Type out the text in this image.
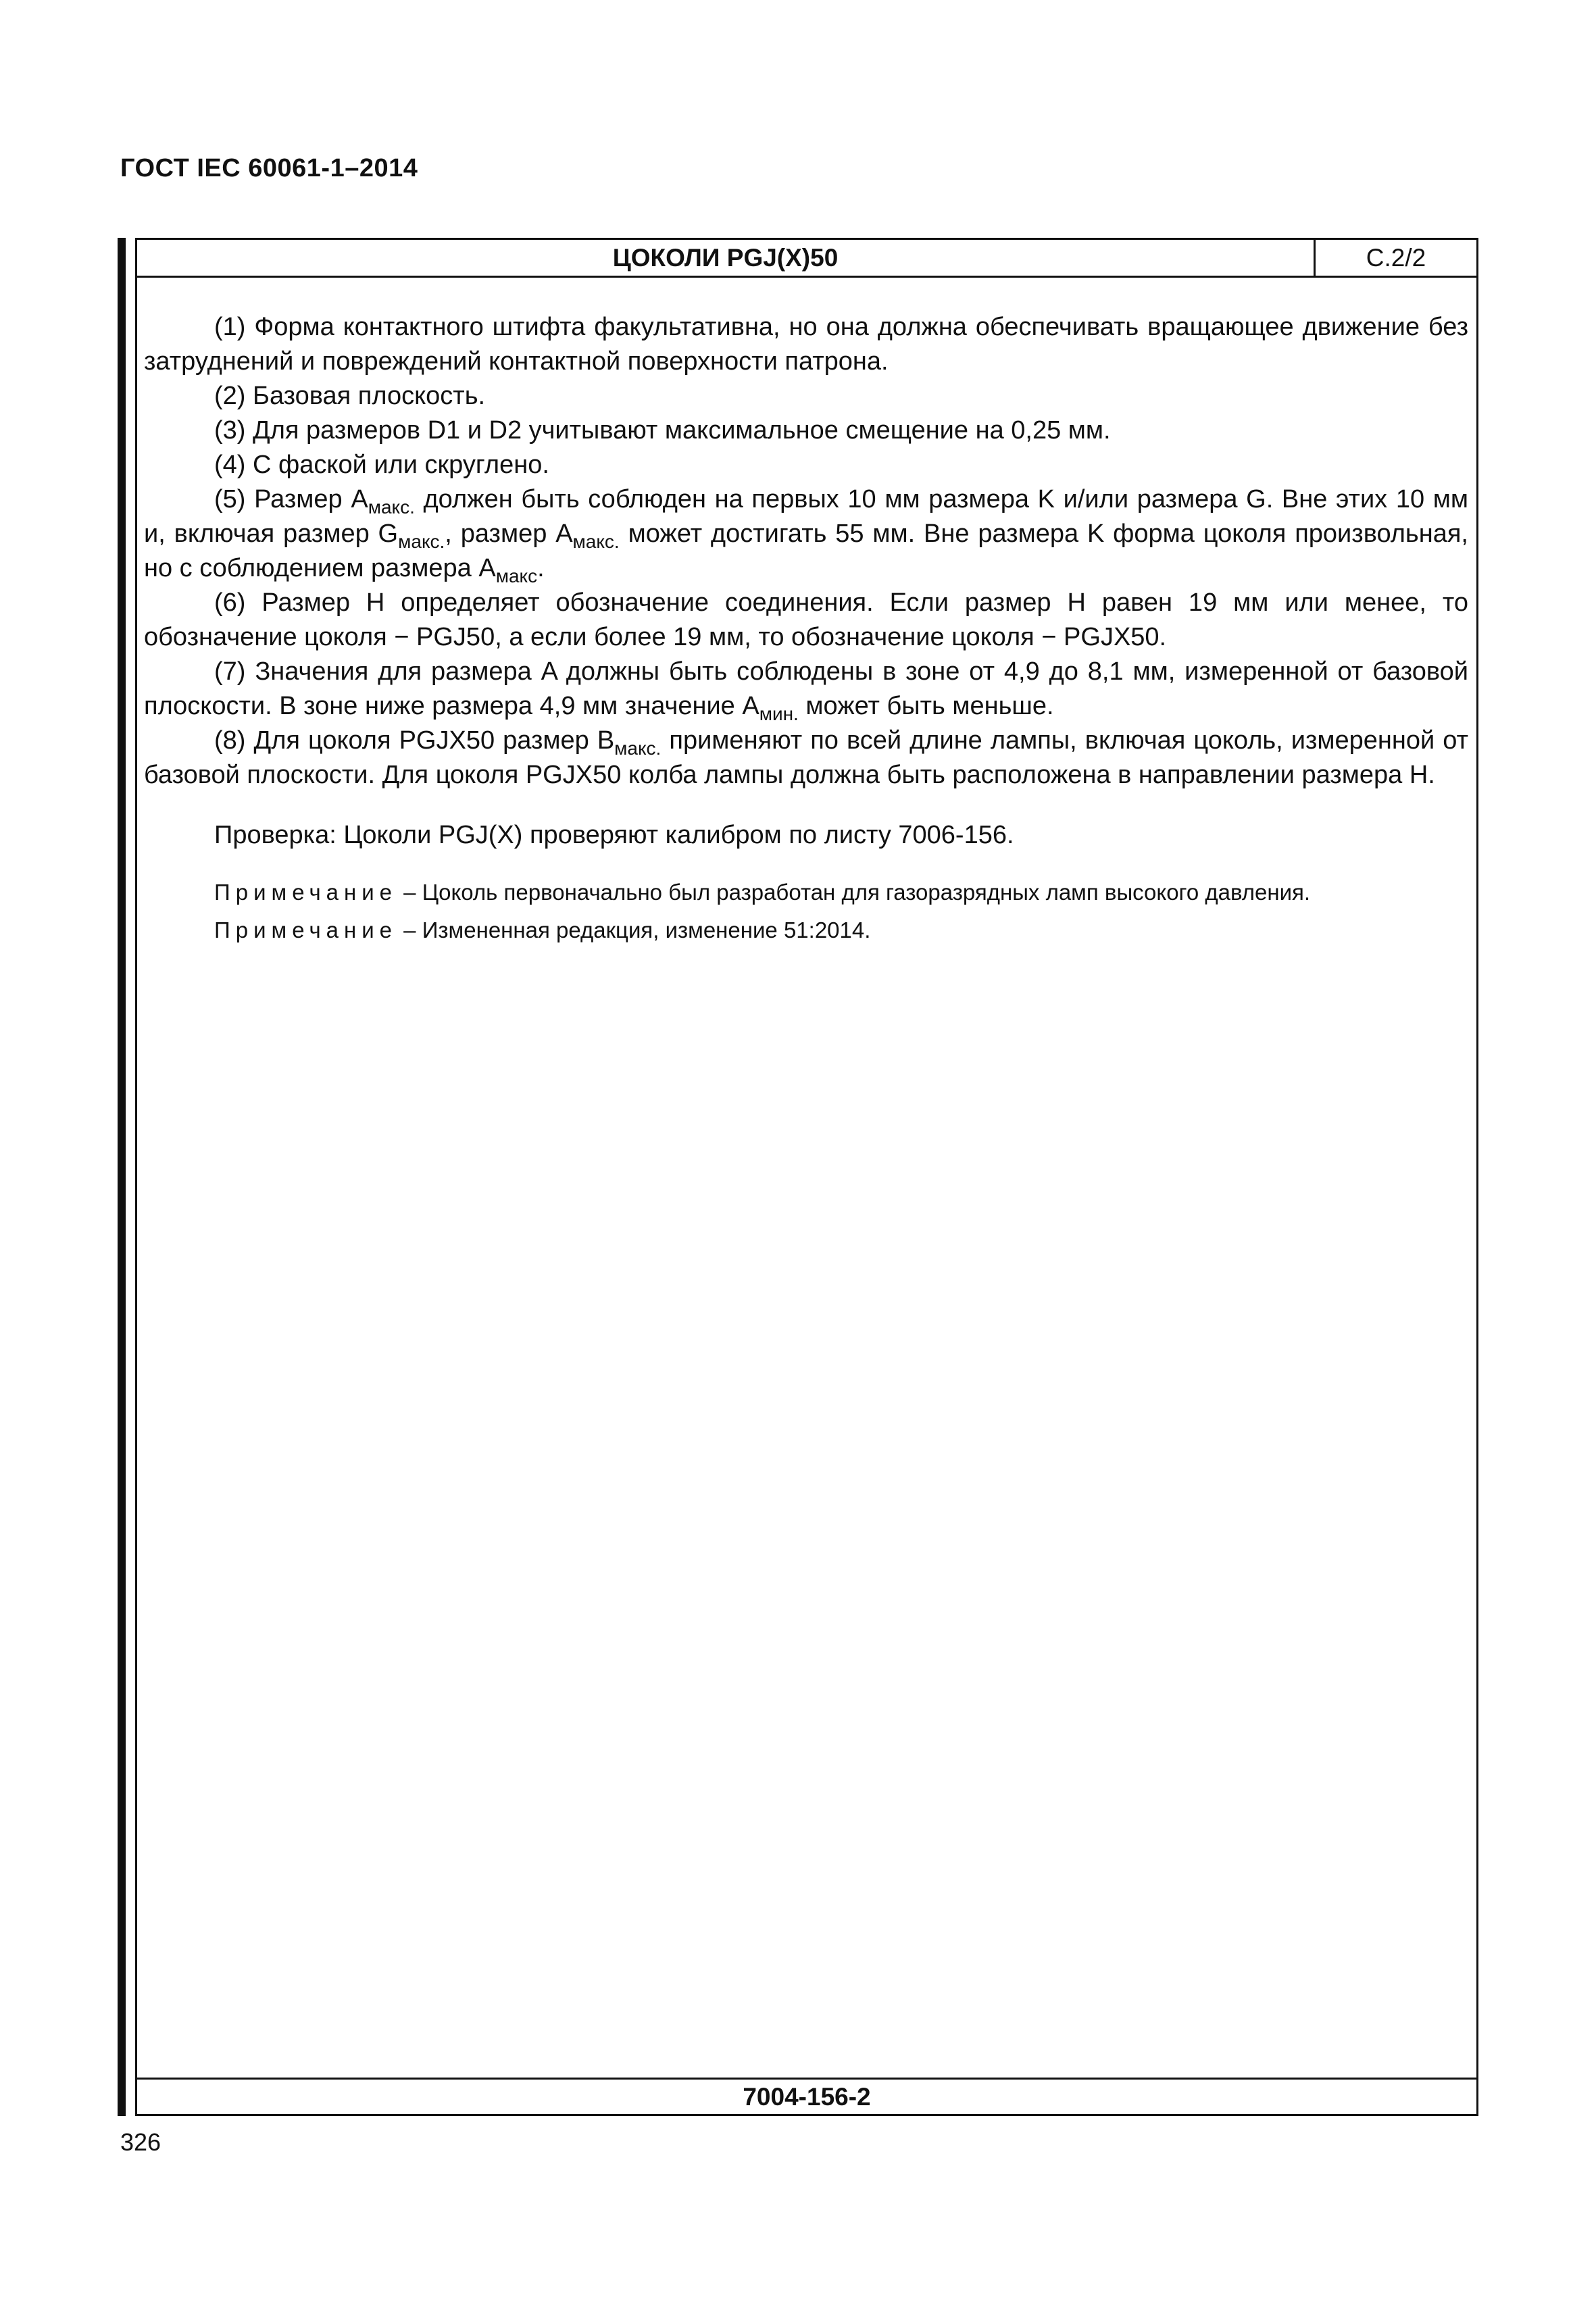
ГОСТ IEC 60061-1–2014
ЦОКОЛИ PGJ(X)50	С.2/2

(1) Форма контактного штифта факультативна, но она должна обеспечивать вращающее движение без затруднений и повреждений контактной поверхности патрона.

(2) Базовая плоскость.

(3) Для размеров D1 и D2 учитывают максимальное смещение на 0,25 мм.

(4) С фаской или скруглено.

(5) Размер $A_{макс.}$ должен быть соблюден на первых 10 мм размера K и/или размера G. Вне этих 10 мм и, включая размер $G_{макс.}$, размер $A_{макс.}$ может достигать 55 мм. Вне размера K форма цоколя произвольная, но с соблюдением размера $A_{макс}$.

(6) Размер H определяет обозначение соединения. Если размер H равен 19 мм или менее, то обозначение цоколя − PGJ50, а если более 19 мм, то обозначение цоколя − PGJX50.

(7) Значения для размера A должны быть соблюдены в зоне от 4,9 до 8,1 мм, измеренной от базовой плоскости. В зоне ниже размера 4,9 мм значение $A_{мин.}$ может быть меньше.

(8) Для цоколя PGJX50 размер $B_{макс.}$ применяют по всей длине лампы, включая цоколь, измеренной от базовой плоскости. Для цоколя PGJX50 колба лампы должна быть расположена в направлении размера H.

Проверка: Цоколи PGJ(X) проверяют калибром по листу 7006-156.

Примечание – Цоколь первоначально был разработан для газоразрядных ламп высокого давления.

Примечание – Измененная редакция, изменение 51:2014.

7004-156-2
326
